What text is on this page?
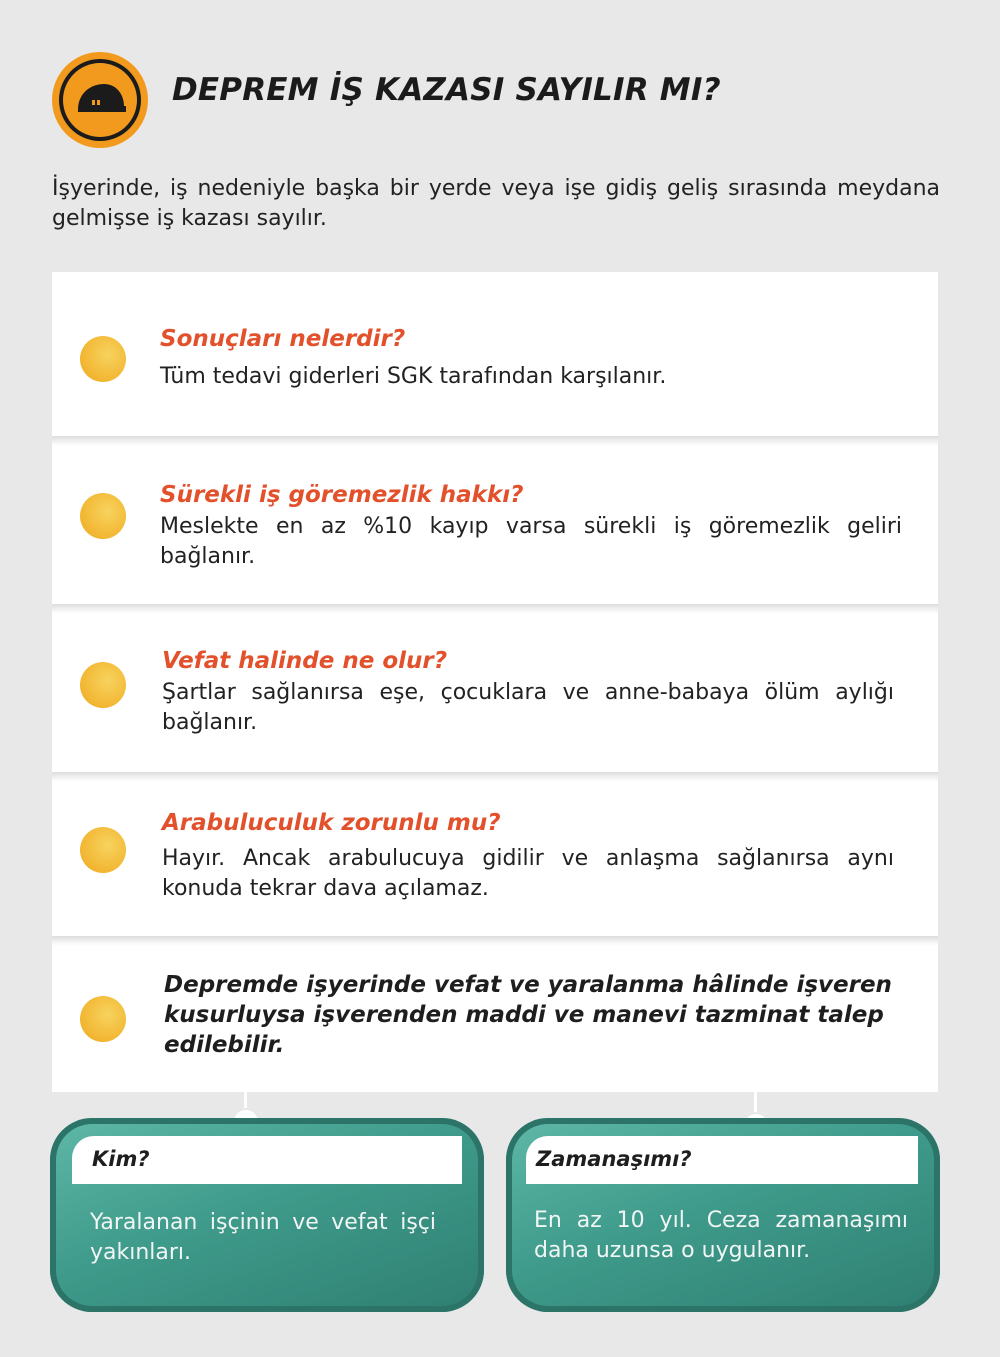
DEPREM İŞ KAZASI SAYILIR MI?

İşyerinde, iş nedeniyle başka bir yerde veya işe gidiş geliş sırasında meydana gelmişse iş kazası sayılır.

Sonuçları nelerdir?
Tüm tedavi giderleri SGK tarafından karşılanır.
Sürekli iş göremezlik hakkı?
Meslekte en az %10 kayıp varsa sürekli iş göremezlik geliri bağlanır.
Vefat halinde ne olur?
Şartlar sağlanırsa eşe, çocuklara ve anne-babaya ölüm aylığı bağlanır.
Arabuluculuk zorunlu mu?
Hayır. Ancak arabulucuya gidilir ve anlaşma sağlanırsa aynı konuda tekrar dava açılamaz.
Depremde işyerinde vefat ve yaralanma hâlinde işveren kusurluysa işverenden maddi ve manevi tazminat talep edilebilir.
Kim?
Yaralanan işçinin ve vefat işçi yakınları.
Zamanaşımı?
En az 10 yıl. Ceza zamanaşımı daha uzunsa o uygulanır.
